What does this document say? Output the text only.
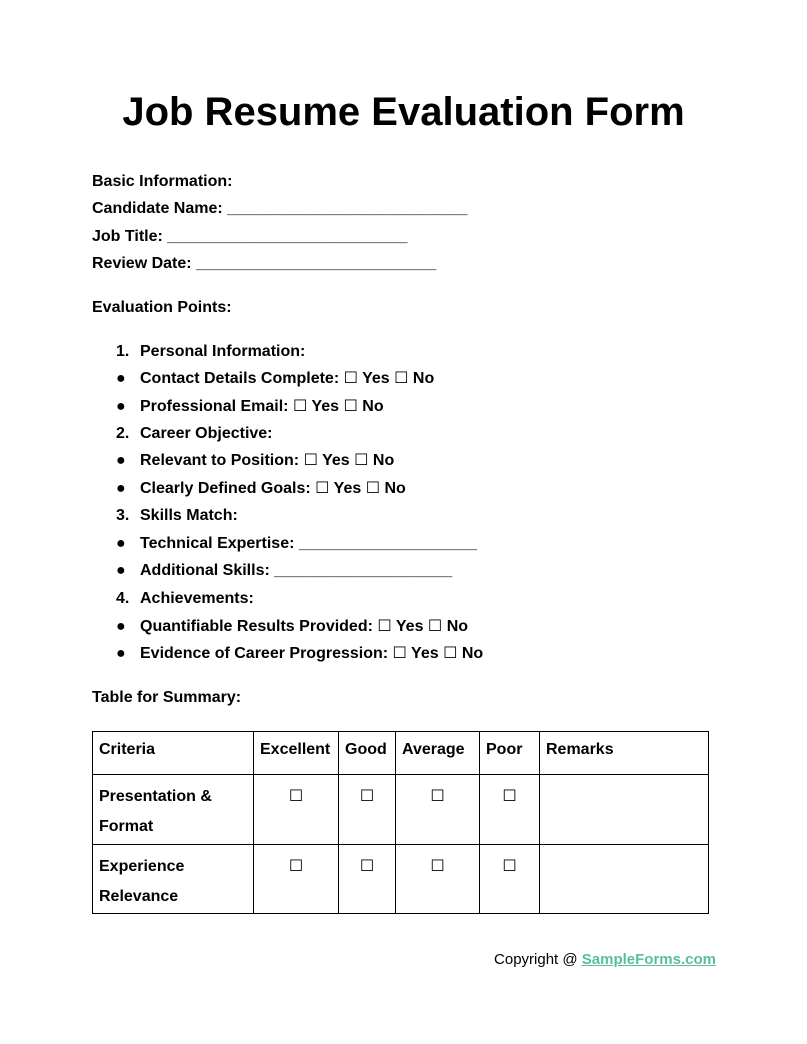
Job Resume Evaluation Form
Basic Information:
Candidate Name: ___________________________
Job Title: ___________________________
Review Date: ___________________________
Evaluation Points:
1. Personal Information:
● Contact Details Complete: ☐ Yes ☐ No
● Professional Email: ☐ Yes ☐ No
2. Career Objective:
● Relevant to Position: ☐ Yes ☐ No
● Clearly Defined Goals: ☐ Yes ☐ No
3. Skills Match:
● Technical Expertise: ____________________
● Additional Skills: ____________________
4. Achievements:
● Quantifiable Results Provided: ☐ Yes ☐ No
● Evidence of Career Progression: ☐ Yes ☐ No
Table for Summary:
Criteria	Excellent	Good	Average	Poor	Remarks
Presentation & Format	☐	☐	☐	☐	
Experience Relevance	☐	☐	☐	☐	
Copyright @ SampleForms.com
